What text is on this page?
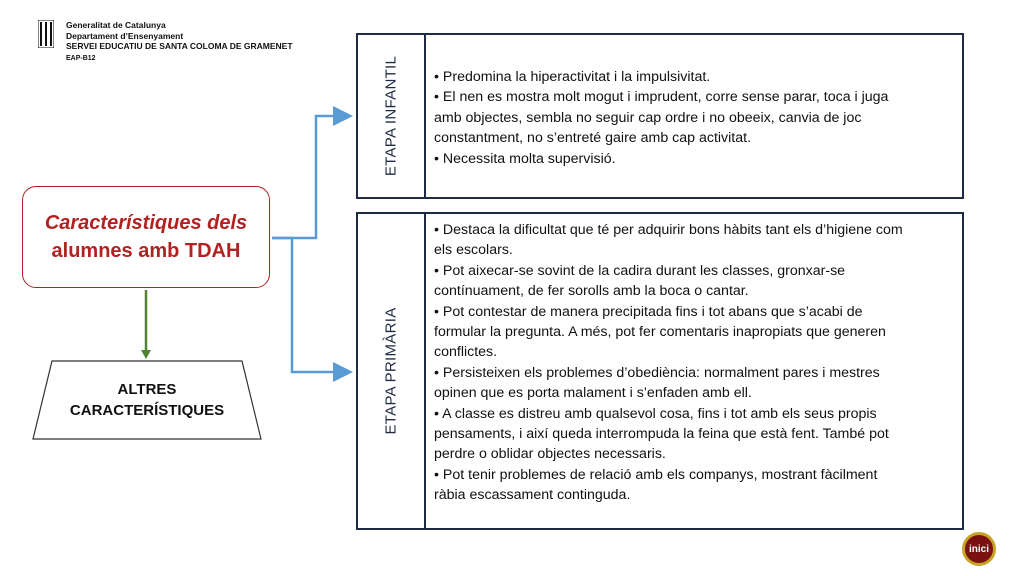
Generalitat de Catalunya
Departament d’Ensenyament
SERVEI EDUCATIU DE SANTA COLOMA DE GRAMENET
EAP-B12
Característiques dels
alumnes amb TDAH
ALTRES
CARACTERÍSTIQUES
ETAPA INFANTIL • Predomina la hiperactivitat i la impulsivitat.
• El nen es mostra molt mogut i imprudent, corre sense parar, toca i juga
amb objectes, sembla no seguir cap ordre i no obeeix, canvia de joc
constantment, no s’entreté gaire amb cap activitat.
• Necessita molta supervisió.
ETAPA PRIMÀRIA
• Destaca la dificultat que té per adquirir bons hàbits tant els d’higiene com
els escolars.
• Pot aixecar-se sovint de la cadira durant les classes, gronxar-se
contínuament, de fer sorolls amb la boca o cantar.
• Pot contestar de manera precipitada fins i tot abans que s’acabi de
formular la pregunta. A més, pot fer comentaris inapropiats que generen
conflictes.
• Persisteixen els problemes d’obediència: normalment pares i mestres
opinen que es porta malament i s’enfaden amb ell.
• A classe es distreu amb qualsevol cosa, fins i tot amb els seus propis
pensaments, i així queda interrompuda la feina que està fent. També pot
perdre o oblidar objectes necessaris.
• Pot tenir problemes de relació amb els companys, mostrant fàcilment
ràbia escassament continguda.
inici
